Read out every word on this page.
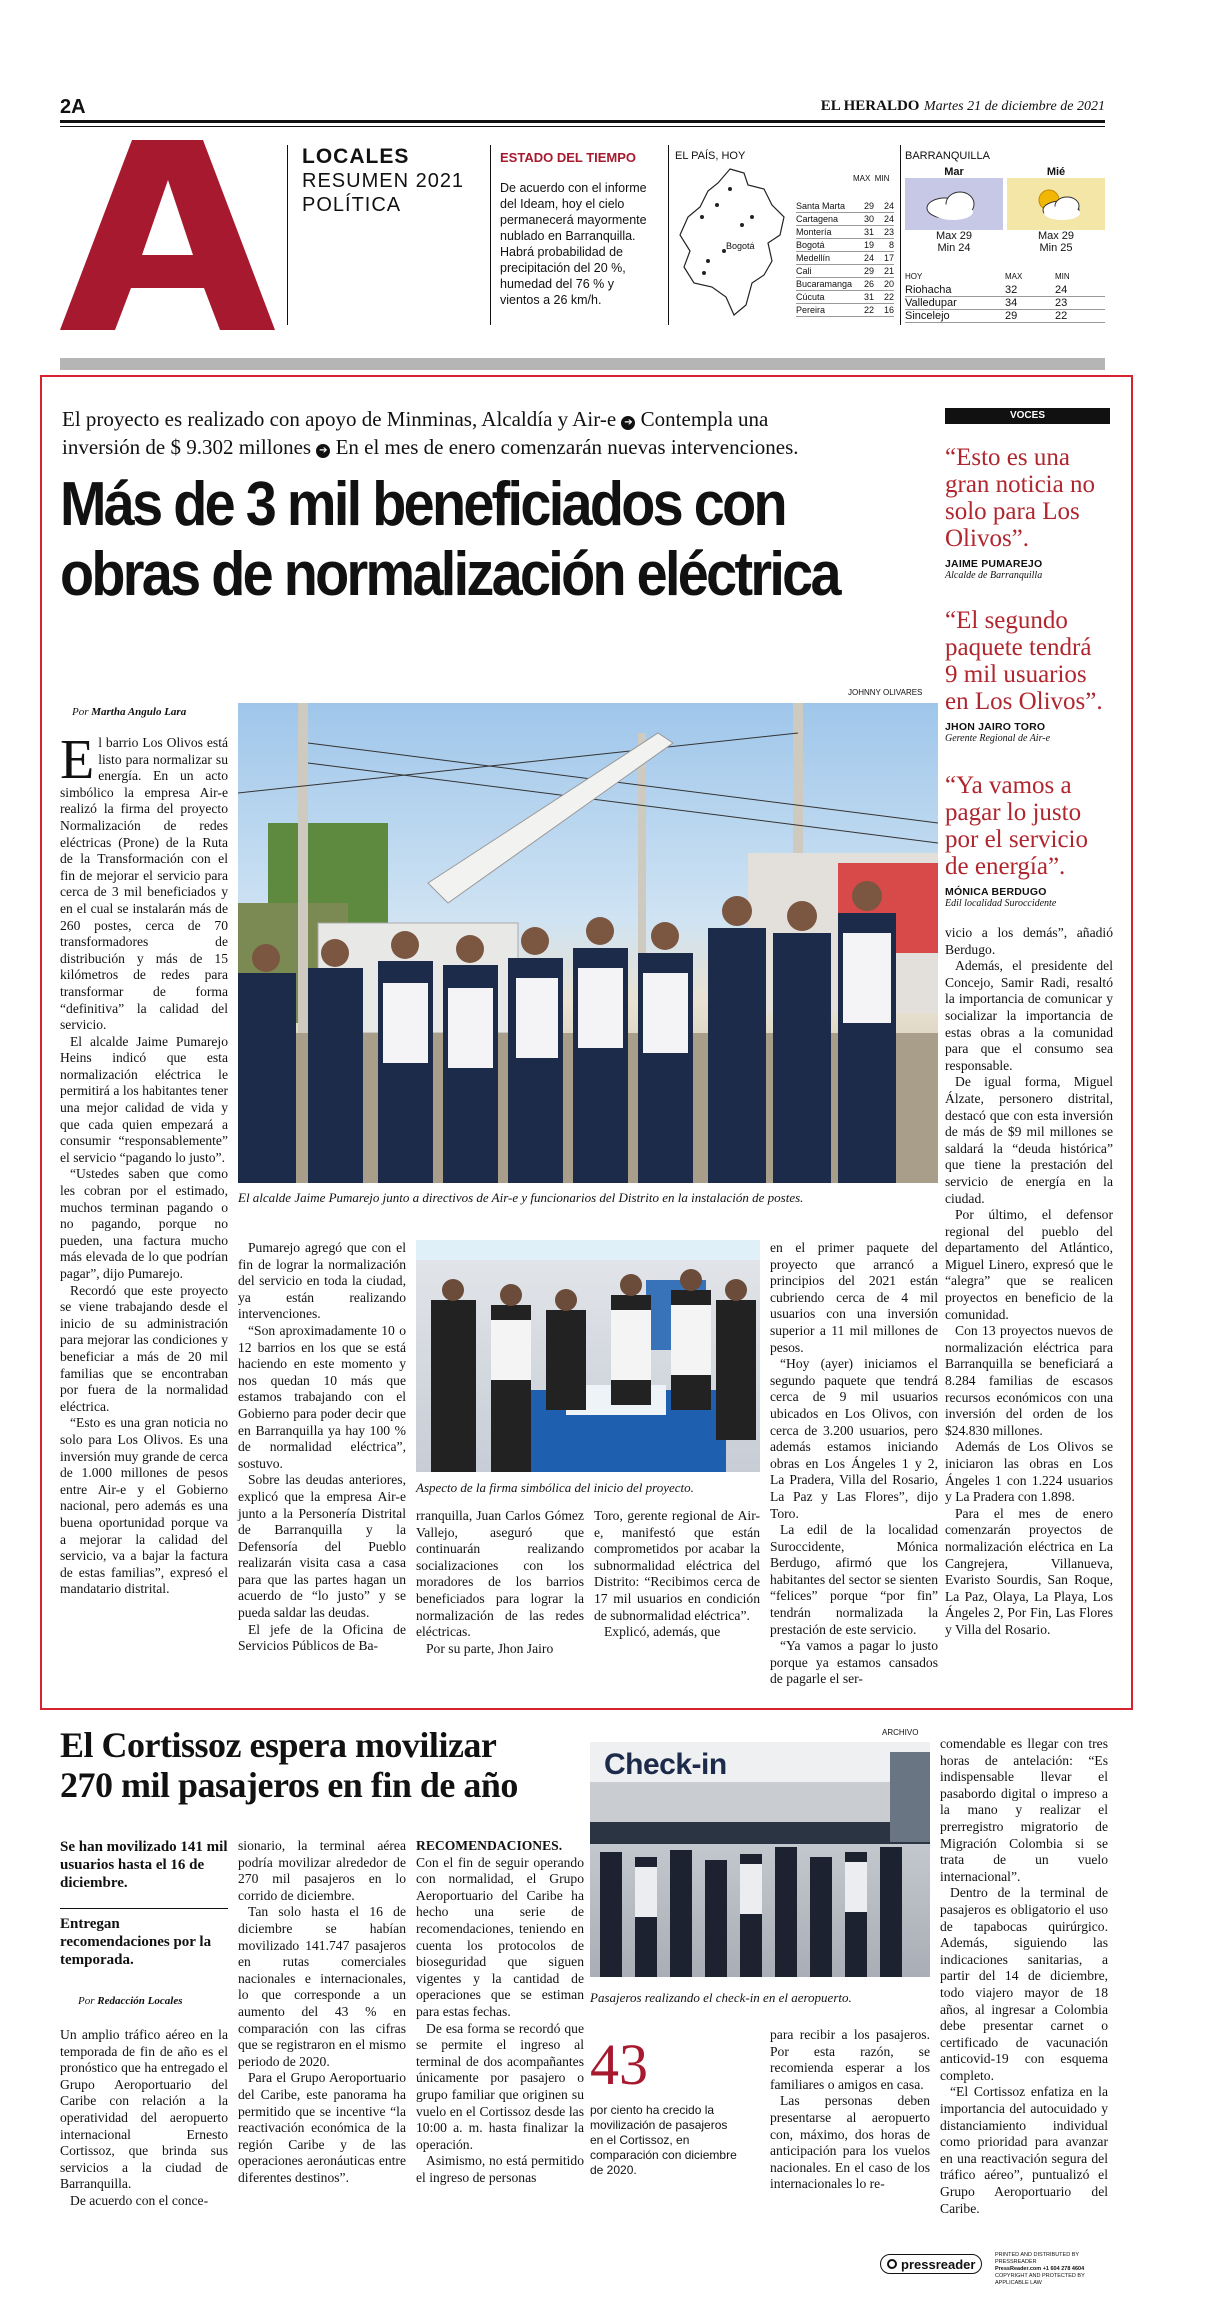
2A	EL HERALDO Martes 21 de diciembre de 2021
LOCALES
RESUMEN 2021
POLÍTICA
ESTADO DEL TIEMPO
De acuerdo con el informe del Ideam, hoy el cielo permanecerá mayormente nublado en Barranquilla. Habrá probabilidad de precipitación del 20 %, humedad del 76 % y vientos a 26 km/h.
EL PAÍS, HOY
Bogotá
MAX MIN
Santa Marta	29	24
Cartagena	30	24
Montería	31	23
Bogotá	19	8
Medellín	24	17
Cali	29	21
Bucaramanga	26	20
Cúcuta	31	22
Pereira	22	16
BARRANQUILLA
Mar
Max 29
Min 24
Mié
Max 29
Min 25
HOY	MAX	MIN
Riohacha	32	24
Valledupar	34	23
Sincelejo	29	22
El proyecto es realizado con apoyo de Minminas, Alcaldía y Air-e ➔ Contempla una
inversión de $ 9.302 millones ➔ En el mes de enero comenzarán nuevas intervenciones.
Más de 3 mil beneficiados con
obras de normalización eléctrica
JOHNNY OLIVARES
VOCES
“Esto es una gran noticia no solo para Los Olivos”.
JAIME PUMAREJO
Alcalde de Barranquilla
“El segundo paquete tendrá 9 mil usuarios en Los Olivos”.
JHON JAIRO TORO
Gerente Regional de Air-e
“Ya vamos a pagar lo justo por el servicio de energía”.
MÓNICA BERDUGO
Edil localidad Suroccidente
Por Martha Angulo Lara

El barrio Los Olivos está listo para normalizar su energía. En un acto simbólico la empresa Air-e realizó la firma del proyecto Normalización de redes eléctricas (Prone) de la Ruta de la Transformación con el fin de mejorar el servicio para cerca de 3 mil beneficiados y en el cual se instalarán más de 260 postes, cerca de 70 transformadores de distribución y más de 15 kilómetros de redes para transformar de forma “definitiva” la calidad del servicio.

El alcalde Jaime Pumarejo Heins indicó que esta normalización eléctrica le permitirá a los habitantes tener una mejor calidad de vida y que cada quien empezará a consumir “responsablemente” el servicio “pagando lo justo”.

“Ustedes saben que como les cobran por el estimado, muchos terminan pagando o no pagando, porque no pueden, una factura mucho más elevada de lo que podrían pagar”, dijo Pumarejo.

Recordó que este proyecto se viene trabajando desde el inicio de su administración para mejorar las condiciones y beneficiar a más de 20 mil familias que se encontraban por fuera de la normalidad eléctrica.

“Esto es una gran noticia no solo para Los Olivos. Es una inversión muy grande de cerca de 1.000 millones de pesos entre Air-e y el Gobierno nacional, pero además es una buena oportunidad porque va a mejorar la calidad del servicio, va a bajar la factura de estas familias”, expresó el mandatario distrital.

El alcalde Jaime Pumarejo junto a directivos de Air-e y funcionarios del Distrito en la instalación de postes.

Pumarejo agregó que con el fin de lograr la normalización del servicio en toda la ciudad, ya están realizando intervenciones.

“Son aproximadamente 10 o 12 barrios en los que se está haciendo en este momento y nos quedan 10 más que estamos trabajando con el Gobierno para poder decir que en Barranquilla ya hay 100 % de normalidad eléctrica”, sostuvo.

Sobre las deudas anteriores, explicó que la empresa Air-e junto a la Personería Distrital de Barranquilla y la Defensoría del Pueblo realizarán visita casa a casa para que las partes hagan un acuerdo de “lo justo” y se pueda saldar las deudas.

El jefe de la Oficina de Servicios Públicos de Ba-

Aspecto de la firma simbólica del inicio del proyecto.

rranquilla, Juan Carlos Gómez Vallejo, aseguró que continuarán realizando socializaciones con los moradores de los barrios beneficiados para lograr la normalización de las redes eléctricas.

Por su parte, Jhon Jairo

Toro, gerente regional de Air-e, manifestó que están comprometidos por acabar la subnormalidad eléctrica del Distrito: “Recibimos cerca de 17 mil usuarios en condición de subnormalidad eléctrica”.

Explicó, además, que

en el primer paquete del proyecto que arrancó a principios del 2021 están cubriendo cerca de 4 mil usuarios con una inversión superior a 11 mil millones de pesos.

“Hoy (ayer) iniciamos el segundo paquete que tendrá cerca de 9 mil usuarios ubicados en Los Olivos, con cerca de 3.200 usuarios, pero además estamos iniciando obras en Los Ángeles 1 y 2, La Pradera, Villa del Rosario, La Paz y Las Flores”, dijo Toro.

La edil de la localidad Suroccidente, Mónica Berdugo, afirmó que los habitantes del sector se sienten “felices” porque “por fin” tendrán normalizada la prestación de este servicio.

“Ya vamos a pagar lo justo porque ya estamos cansados de pagarle el ser-

vicio a los demás”, añadió Berdugo.

Además, el presidente del Concejo, Samir Radi, resaltó la importancia de comunicar y socializar la importancia de estas obras a la comunidad para que el consumo sea responsable.

De igual forma, Miguel Álzate, personero distrital, destacó que con esta inversión de más de $9 mil millones se saldará la “deuda histórica” que tiene la prestación del servicio de energía en la ciudad.

Por último, el defensor regional del pueblo del departamento del Atlántico, Miguel Linero, expresó que le “alegra” que se realicen proyectos en beneficio de la comunidad.

Con 13 proyectos nuevos de normalización eléctrica para Barranquilla se beneficiará a 8.284 familias de escasos recursos económicos con una inversión del orden de los $24.830 millones.

Además de Los Olivos se iniciaron las obras en Los Ángeles 1 con 1.224 usuarios y La Pradera con 1.898.

Para el mes de enero comenzarán proyectos de normalización eléctrica en La Cangrejera, Villanueva, Evaristo Sourdis, San Roque, La Paz, Olaya, La Playa, Los Ángeles 2, Por Fin, Las Flores y Villa del Rosario.

El Cortissoz espera movilizar
270 mil pasajeros en fin de año
ARCHIVO
Se han movilizado 141 mil usuarios hasta el 16 de diciembre.
Entregan recomendaciones por la temporada.
Por Redacción Locales

Un amplio tráfico aéreo en la temporada de fin de año es el pronóstico que ha entregado el Grupo Aeroportuario del Caribe con relación a la operatividad del aeropuerto internacional Ernesto Cortissoz, que brinda sus servicios a la ciudad de Barranquilla.

De acuerdo con el conce-

sionario, la terminal aérea podría movilizar alrededor de 270 mil pasajeros en lo corrido de diciembre.

Tan solo hasta el 16 de diciembre se habían movilizado 141.747 pasajeros en rutas comerciales nacionales e internacionales, lo que corresponde a un aumento del 43 % en comparación con las cifras que se registraron en el mismo periodo de 2020.

Para el Grupo Aeroportuario del Caribe, este panorama ha permitido que se incentive “la reactivación económica de la región Caribe y de las operaciones aeronáuticas entre diferentes destinos”.

RECOMENDACIONES. Con el fin de seguir operando con normalidad, el Grupo Aeroportuario del Caribe ha hecho una serie de recomendaciones, teniendo en cuenta los protocolos de bioseguridad que siguen vigentes y la cantidad de operaciones que se estiman para estas fechas.

De esa forma se recordó que se permite el ingreso al terminal de dos acompañantes únicamente por pasajero o grupo familiar que originen su vuelo en el Cortissoz desde las 10:00 a. m. hasta finalizar la operación.

Asimismo, no está permitido el ingreso de personas

Check-in
Pasajeros realizando el check-in en el aeropuerto.
43
por ciento ha crecido la movilización de pasajeros en el Cortissoz, en comparación con diciembre de 2020.

para recibir a los pasajeros. Por esta razón, se recomienda esperar a los familiares o amigos en casa.

Las personas deben presentarse al aeropuerto con, máximo, dos horas de anticipación para los vuelos nacionales. En el caso de los internacionales lo re-

comendable es llegar con tres horas de antelación: “Es indispensable llevar el pasabordo digital o impreso a la mano y realizar el prerregistro migratorio de Migración Colombia si se trata de un vuelo internacional”.

Dentro de la terminal de pasajeros es obligatorio el uso de tapabocas quirúrgico. Además, siguiendo las indicaciones sanitarias, a partir del 14 de diciembre, todo viajero mayor de 18 años, al ingresar a Colombia debe presentar carnet o certificado de vacunación anticovid-19 con esquema completo.

“El Cortissoz enfatiza en la importancia del autocuidado y distanciamiento individual como prioridad para avanzar en una reactivación segura del tráfico aéreo”, puntualizó el Grupo Aeroportuario del Caribe.

pressreader
PRINTED AND DISTRIBUTED BY PRESSREADER
PressReader.com +1 604 278 4604
COPYRIGHT AND PROTECTED BY APPLICABLE LAW
